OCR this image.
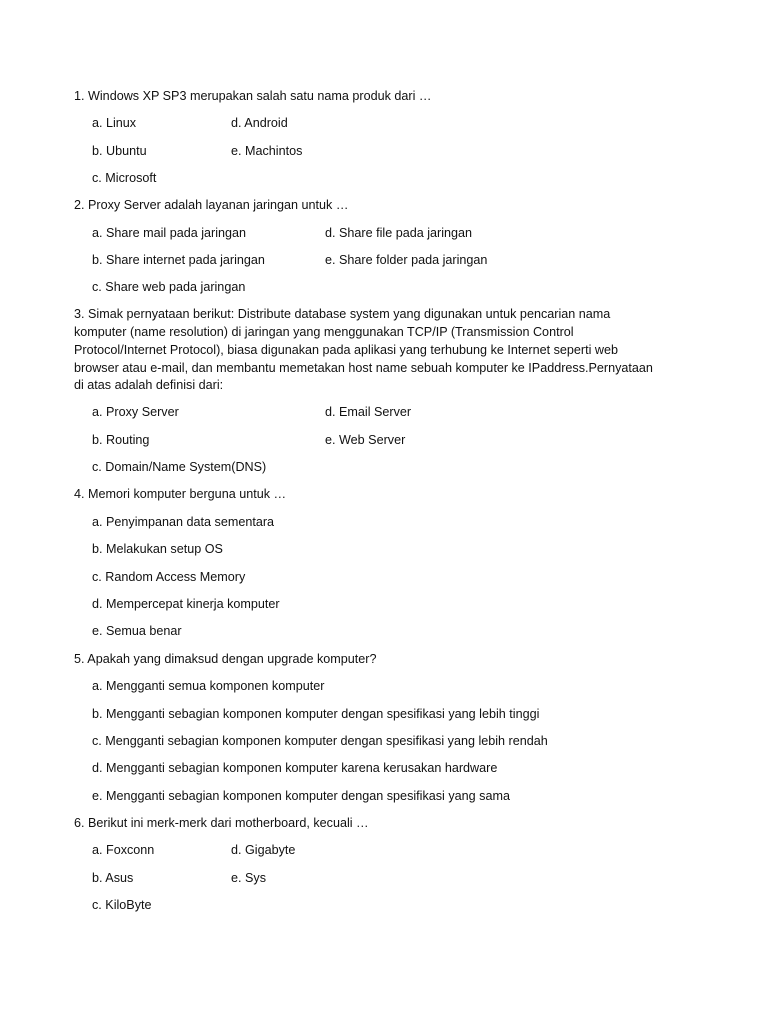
1. Windows XP SP3 merupakan salah satu nama produk dari …
a. Linux	d. Android
b. Ubuntu	e. Machintos
c. Microsoft
2. Proxy Server adalah layanan jaringan untuk …
a. Share mail pada jaringan	d. Share file pada jaringan
b. Share internet pada jaringan	e. Share folder pada jaringan
c. Share web pada jaringan
3. Simak pernyataan berikut: Distribute database system yang digunakan untuk pencarian nama
komputer (name resolution) di jaringan yang menggunakan TCP/IP (Transmission Control
Protocol/Internet Protocol), biasa digunakan pada aplikasi yang terhubung ke Internet seperti web
browser atau e-mail, dan membantu memetakan host name sebuah komputer ke IPaddress.Pernyataan
di atas adalah definisi dari:
a. Proxy Server	d. Email Server
b. Routing	e. Web Server
c. Domain/Name System(DNS)
4. Memori komputer berguna untuk …
a. Penyimpanan data sementara
b. Melakukan setup OS
c. Random Access Memory
d. Mempercepat kinerja komputer
e. Semua benar
5. Apakah yang dimaksud dengan upgrade komputer?
a. Mengganti semua komponen komputer
b. Mengganti sebagian komponen komputer dengan spesifikasi yang lebih tinggi
c. Mengganti sebagian komponen komputer dengan spesifikasi yang lebih rendah
d. Mengganti sebagian komponen komputer karena kerusakan hardware
e. Mengganti sebagian komponen komputer dengan spesifikasi yang sama
6. Berikut ini merk-merk dari motherboard, kecuali …
a. Foxconn	d. Gigabyte
b. Asus	e. Sys
c. KiloByte
